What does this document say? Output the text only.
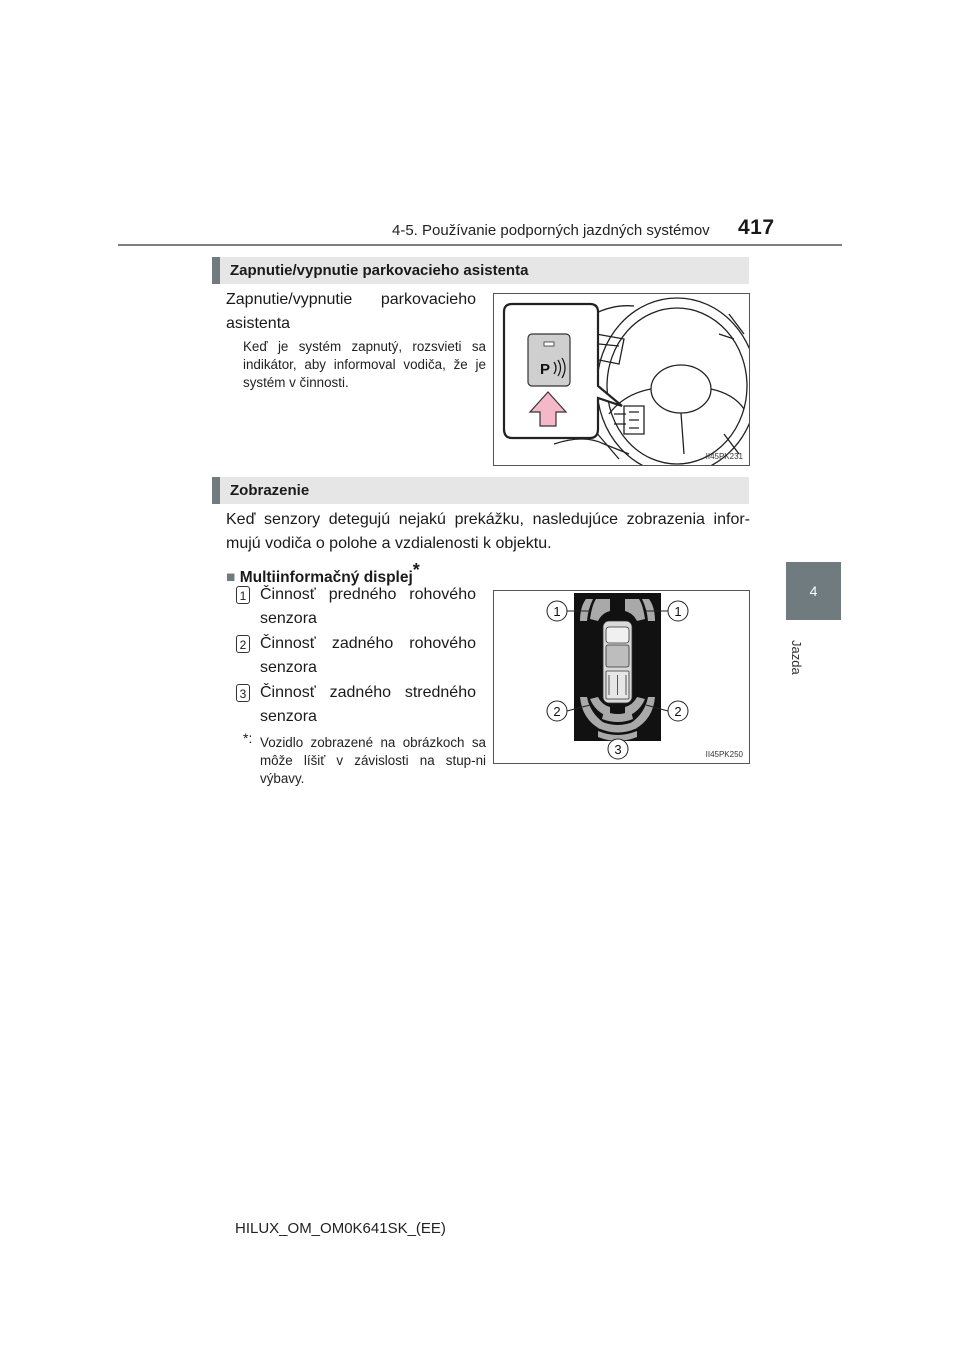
4-5. Používanie podporných jazdných systémov 417
4
Jazda
Zapnutie/vypnutie parkovacieho asistenta
Zapnutie/vypnutie parkovacieho
asistenta
Keď je systém zapnutý, rozsvieti sa indikátor, aby informoval vodiča, že je systém v činnosti.
P
II45PK231
Zobrazenie
Keď senzory detegujú nejakú prekážku, nasledujúce zobrazenia infor-mujú vodiča o polohe a vzdialenosti k objektu.
■ Multiinformačný displej*
1 Činnosť predného rohového senzora
2 Činnosť zadného rohového senzora
3 Činnosť zadného stredného senzora
*: Vozidlo zobrazené na obrázkoch sa môže líšiť v závislosti na stup-ni výbavy.
1	1
2	2
3	II45PK250
HILUX_OM_OM0K641SK_(EE)
